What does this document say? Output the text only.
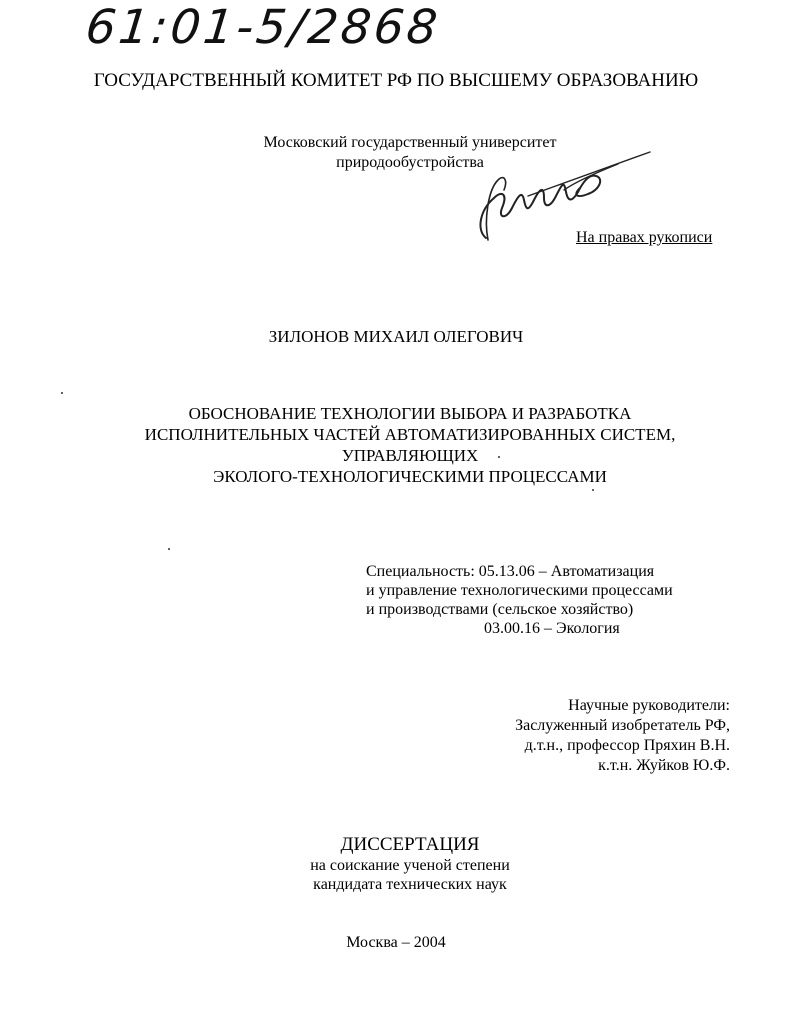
61:01-5/2868
ГОСУДАРСТВЕННЫЙ КОМИТЕТ РФ ПО ВЫСШЕМУ ОБРАЗОВАНИЮ
Московский государственный университет
природообустройства
На правах рукописи
ЗИЛОНОВ МИХАИЛ ОЛЕГОВИЧ
ОБОСНОВАНИЕ ТЕХНОЛОГИИ ВЫБОРА И РАЗРАБОТКА
ИСПОЛНИТЕЛЬНЫХ ЧАСТЕЙ АВТОМАТИЗИРОВАННЫХ СИСТЕМ,
УПРАВЛЯЮЩИХ
ЭКОЛОГО-ТЕХНОЛОГИЧЕСКИМИ ПРОЦЕССАМИ
Специальность: 05.13.06 – Автоматизация
и управление технологическими процессами
и производствами (сельское хозяйство)
03.00.16 – Экология
Научные руководители:
Заслуженный изобретатель РФ,
д.т.н., профессор Пряхин В.Н.
к.т.н. Жуйков Ю.Ф.
ДИССЕРТАЦИЯ
на соискание ученой степени
кандидата технических наук
Москва – 2004
